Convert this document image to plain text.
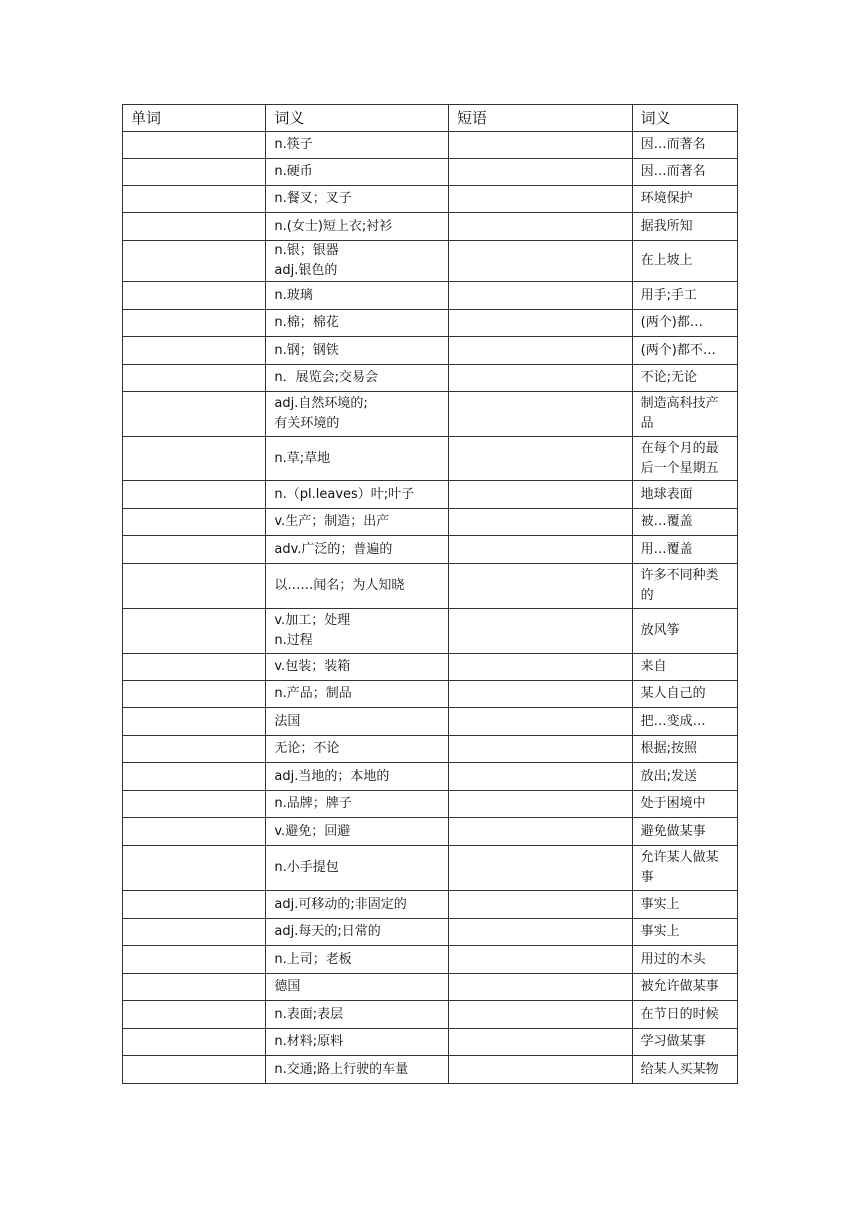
单词	词义	短语	词义
	n.筷子		因…而著名
	n.硬币		因…而著名
	n.餐叉；叉子		环境保护
	n.(女士)短上衣;衬衫		据我所知
	n.银；银器
adj.银色的		在上坡上
	n.玻璃		用手;手工
	n.棉；棉花		(两个)都…
	n.钢；钢铁		(两个)都不…
	n．展览会;交易会		不论;无论
	adj.自然环境的;
有关环境的		制造高科技产品
	n.草;草地		在每个月的最后一个星期五
	n.（pl.leaves）叶;叶子		地球表面
	v.生产；制造；出产		被…覆盖
	adv.广泛的；普遍的		用…覆盖
	以……闻名；为人知晓		许多不同种类的
	v.加工；处理
n.过程		放风筝
	v.包装；装箱		来自
	n.产品；制品		某人自己的
	法国		把…变成…
	无论；不论		根据;按照
	adj.当地的；本地的		放出;发送
	n.品牌；牌子		处于困境中
	v.避免；回避		避免做某事
	n.小手提包		允许某人做某事
	adj.可移动的;非固定的		事实上
	adj.每天的;日常的		事实上
	n.上司；老板		用过的木头
	德国		被允许做某事
	n.表面;表层		在节日的时候
	n.材料;原料		学习做某事
	n.交通;路上行驶的车量		给某人买某物
